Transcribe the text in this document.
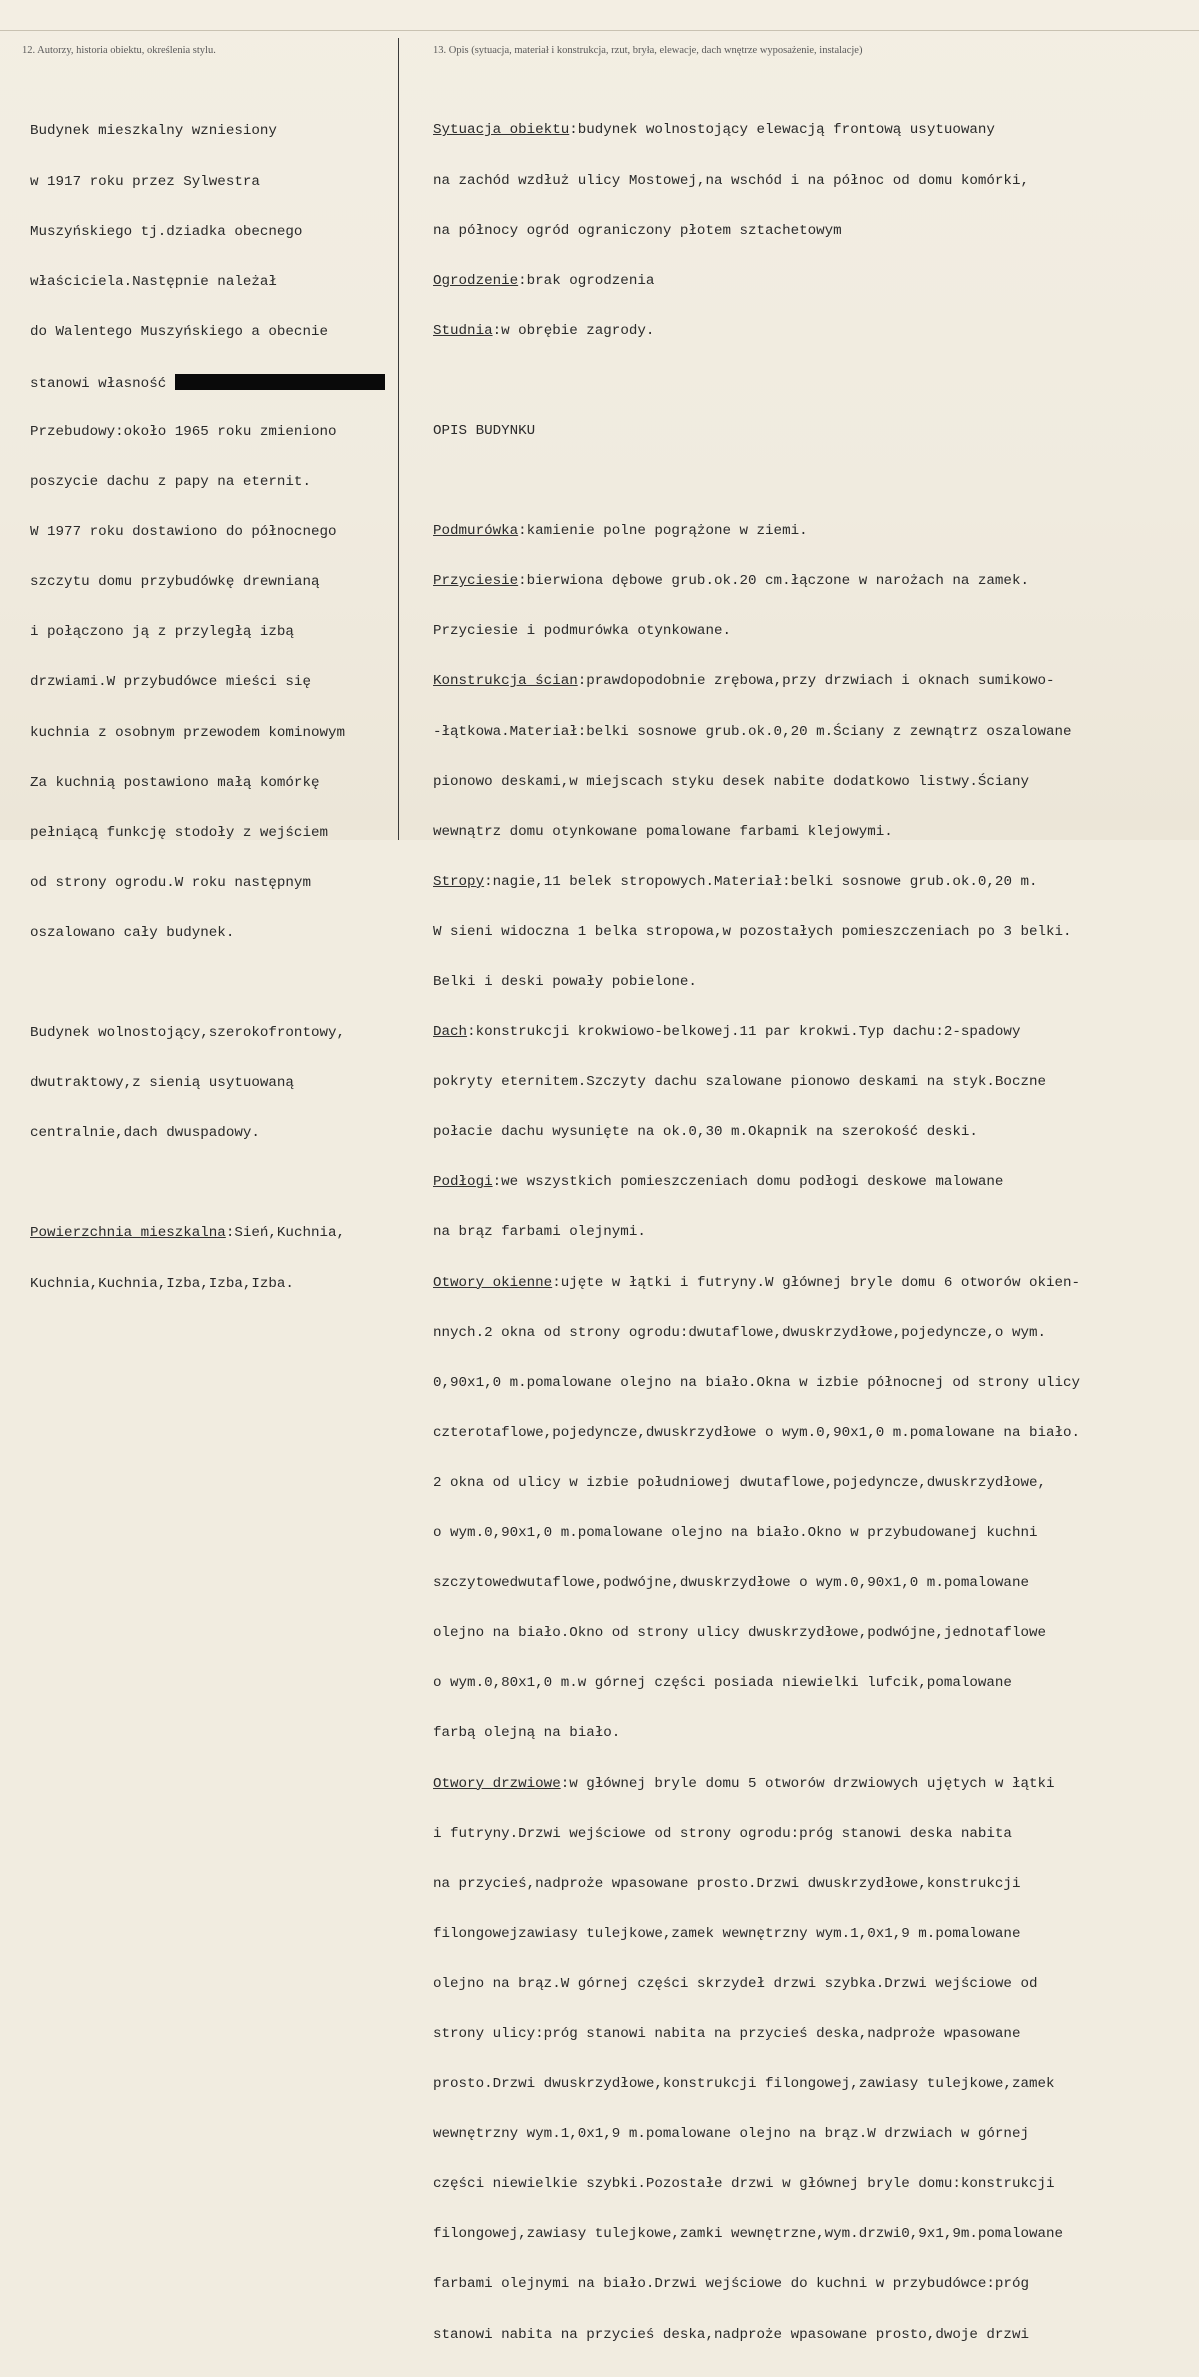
12. Autorzy, historia obiektu, określenia stylu.	13. Opis (sytuacja, materiał i konstrukcja, rzut, bryła, elewacje, dach wnętrze wyposażenie, instalacje)

Budynek mieszkalny wzniesiony

w 1917 roku przez Sylwestra

Muszyńskiego tj.dziadka obecnego

właściciela.Następnie należał

do Walentego Muszyńskiego a obecnie

stanowi własność

Przebudowy:około 1965 roku zmieniono

poszycie dachu z papy na eternit.

W 1977 roku dostawiono do północnego

szczytu domu przybudówkę drewnianą

i połączono ją z przyległą izbą

drzwiami.W przybudówce mieści się

kuchnia z osobnym przewodem kominowym

Za kuchnią postawiono małą komórkę

pełniącą funkcję stodoły z wejściem

od strony ogrodu.W roku następnym

oszalowano cały budynek.

Budynek wolnostojący,szerokofrontowy,

dwutraktowy,z sienią usytuowaną

centralnie,dach dwuspadowy.

Powierzchnia mieszkalna:Sień,Kuchnia,

Kuchnia,Kuchnia,Izba,Izba,Izba.

Sytuacja obiektu:budynek wolnostojący elewacją frontową usytuowany

na zachód wzdłuż ulicy Mostowej,na wschód i na północ od domu komórki,

na północy ogród ograniczony płotem sztachetowym

Ogrodzenie:brak ogrodzenia

Studnia:w obrębie zagrody.

OPIS BUDYNKU

Podmurówka:kamienie polne pogrążone w ziemi.

Przyciesie:bierwiona dębowe grub.ok.20 cm.łączone w narożach na zamek.

Przyciesie i podmurówka otynkowane.

Konstrukcja ścian:prawdopodobnie zrębowa,przy drzwiach i oknach sumikowo-

-łątkowa.Materiał:belki sosnowe grub.ok.0,20 m.Ściany z zewnątrz oszalowane

pionowo deskami,w miejscach styku desek nabite dodatkowo listwy.Ściany

wewnątrz domu otynkowane pomalowane farbami klejowymi.

Stropy:nagie,11 belek stropowych.Materiał:belki sosnowe grub.ok.0,20 m.

W sieni widoczna 1 belka stropowa,w pozostałych pomieszczeniach po 3 belki.

Belki i deski powały pobielone.

Dach:konstrukcji krokwiowo-belkowej.11 par krokwi.Typ dachu:2-spadowy

pokryty eternitem.Szczyty dachu szalowane pionowo deskami na styk.Boczne

połacie dachu wysunięte na ok.0,30 m.Okapnik na szerokość deski.

Podłogi:we wszystkich pomieszczeniach domu podłogi deskowe malowane

na brąz farbami olejnymi.

Otwory okienne:ujęte w łątki i futryny.W głównej bryle domu 6 otworów okien-

nnych.2 okna od strony ogrodu:dwutaflowe,dwuskrzydłowe,pojedyncze,o wym.

0,90x1,0 m.pomalowane olejno na biało.Okna w izbie północnej od strony ulicy

czterotaflowe,pojedyncze,dwuskrzydłowe o wym.0,90x1,0 m.pomalowane na biało.

2 okna od ulicy w izbie południowej dwutaflowe,pojedyncze,dwuskrzydłowe,

o wym.0,90x1,0 m.pomalowane olejno na biało.Okno w przybudowanej kuchni

szczytowedwutaflowe,podwójne,dwuskrzydłowe o wym.0,90x1,0 m.pomalowane

olejno na biało.Okno od strony ulicy dwuskrzydłowe,podwójne,jednotaflowe

o wym.0,80x1,0 m.w górnej części posiada niewielki lufcik,pomalowane

farbą olejną na biało.

Otwory drzwiowe:w głównej bryle domu 5 otworów drzwiowych ujętych w łątki

i futryny.Drzwi wejściowe od strony ogrodu:próg stanowi deska nabita

na przycieś,nadproże wpasowane prosto.Drzwi dwuskrzydłowe,konstrukcji

filongowejzawiasy tulejkowe,zamek wewnętrzny wym.1,0x1,9 m.pomalowane

olejno na brąz.W górnej części skrzydeł drzwi szybka.Drzwi wejściowe od

strony ulicy:próg stanowi nabita na przycieś deska,nadproże wpasowane

prosto.Drzwi dwuskrzydłowe,konstrukcji filongowej,zawiasy tulejkowe,zamek

wewnętrzny wym.1,0x1,9 m.pomalowane olejno na brąz.W drzwiach w górnej

części niewielkie szybki.Pozostałe drzwi w głównej bryle domu:konstrukcji

filongowej,zawiasy tulejkowe,zamki wewnętrzne,wym.drzwi0,9x1,9m.pomalowane

farbami olejnymi na biało.Drzwi wejściowe do kuchni w przybudówce:próg

stanowi nabita na przycieś deska,nadproże wpasowane prosto,dwoje drzwi
